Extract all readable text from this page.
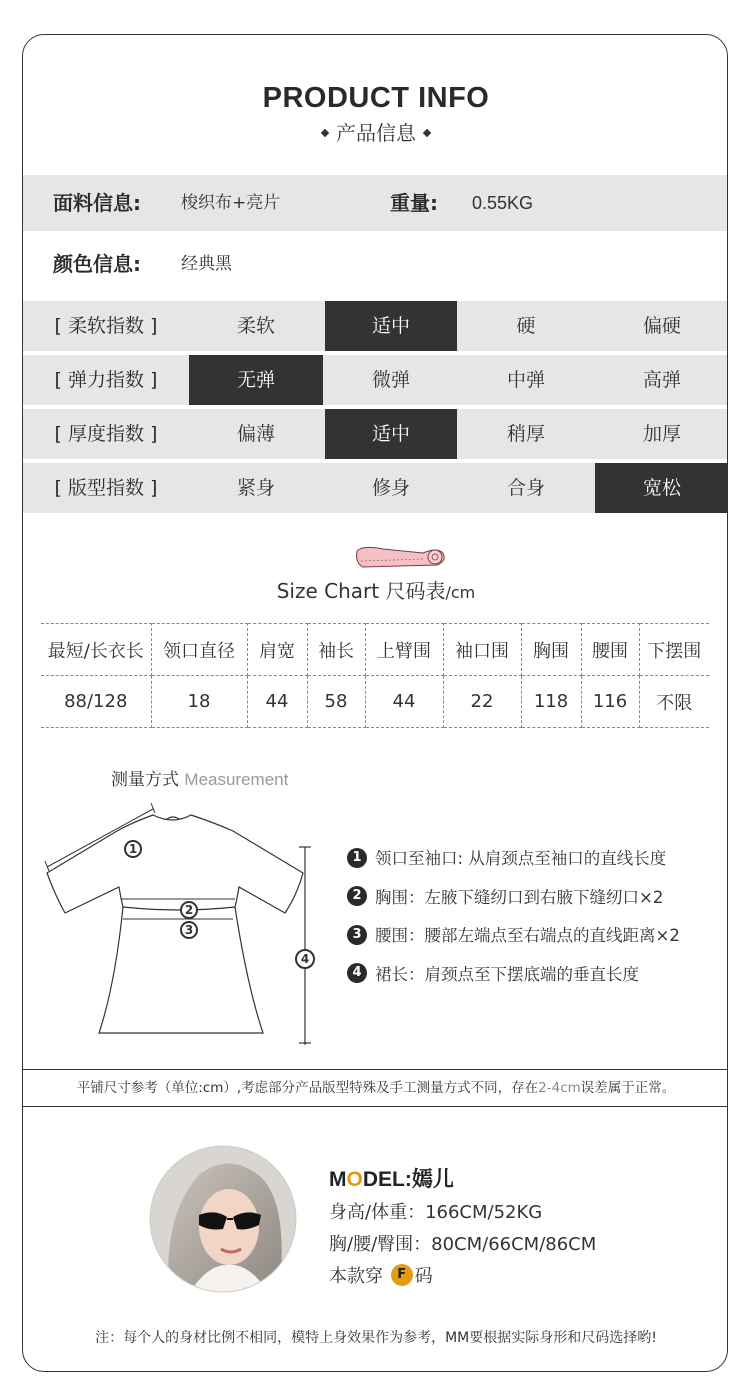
PRODUCT INFO
产品信息
面料信息: 梭织布+亮片	重量: 0.55KG
颜色信息: 经典黑
[ 柔软指数 ]	柔软	适中	硬	偏硬
[ 弹力指数 ]	无弹	微弹	中弹	高弹
[ 厚度指数 ]	偏薄	适中	稍厚	加厚
[ 版型指数 ]	紧身	修身	合身	宽松
Size Chart 尺码表/cm
最短/长衣长	领口直径	肩宽	袖长	上臂围	袖口围	胸围	腰围	下摆围
88/128	18	44	58	44	22	118	116	不限
测量方式 Measurement
1
2
3
4
1 领口至袖口: 从肩颈点至袖口的直线长度
2 胸围：左腋下缝纫口到右腋下缝纫口×2
3 腰围：腰部左端点至右端点的直线距离×2
4 裙长：肩颈点至下摆底端的垂直长度
平铺尺寸参考（单位:cm）,考虑部分产品版型特殊及手工测量方式不同，存在2-4cm误差属于正常。
MODEL:嫣儿
身高/体重：166CM/52KG
胸/腰/臀围：80CM/66CM/86CM
本款穿 F 码
注：每个人的身材比例不相同，模特上身效果作为参考，MM要根据实际身形和尺码选择哟!
